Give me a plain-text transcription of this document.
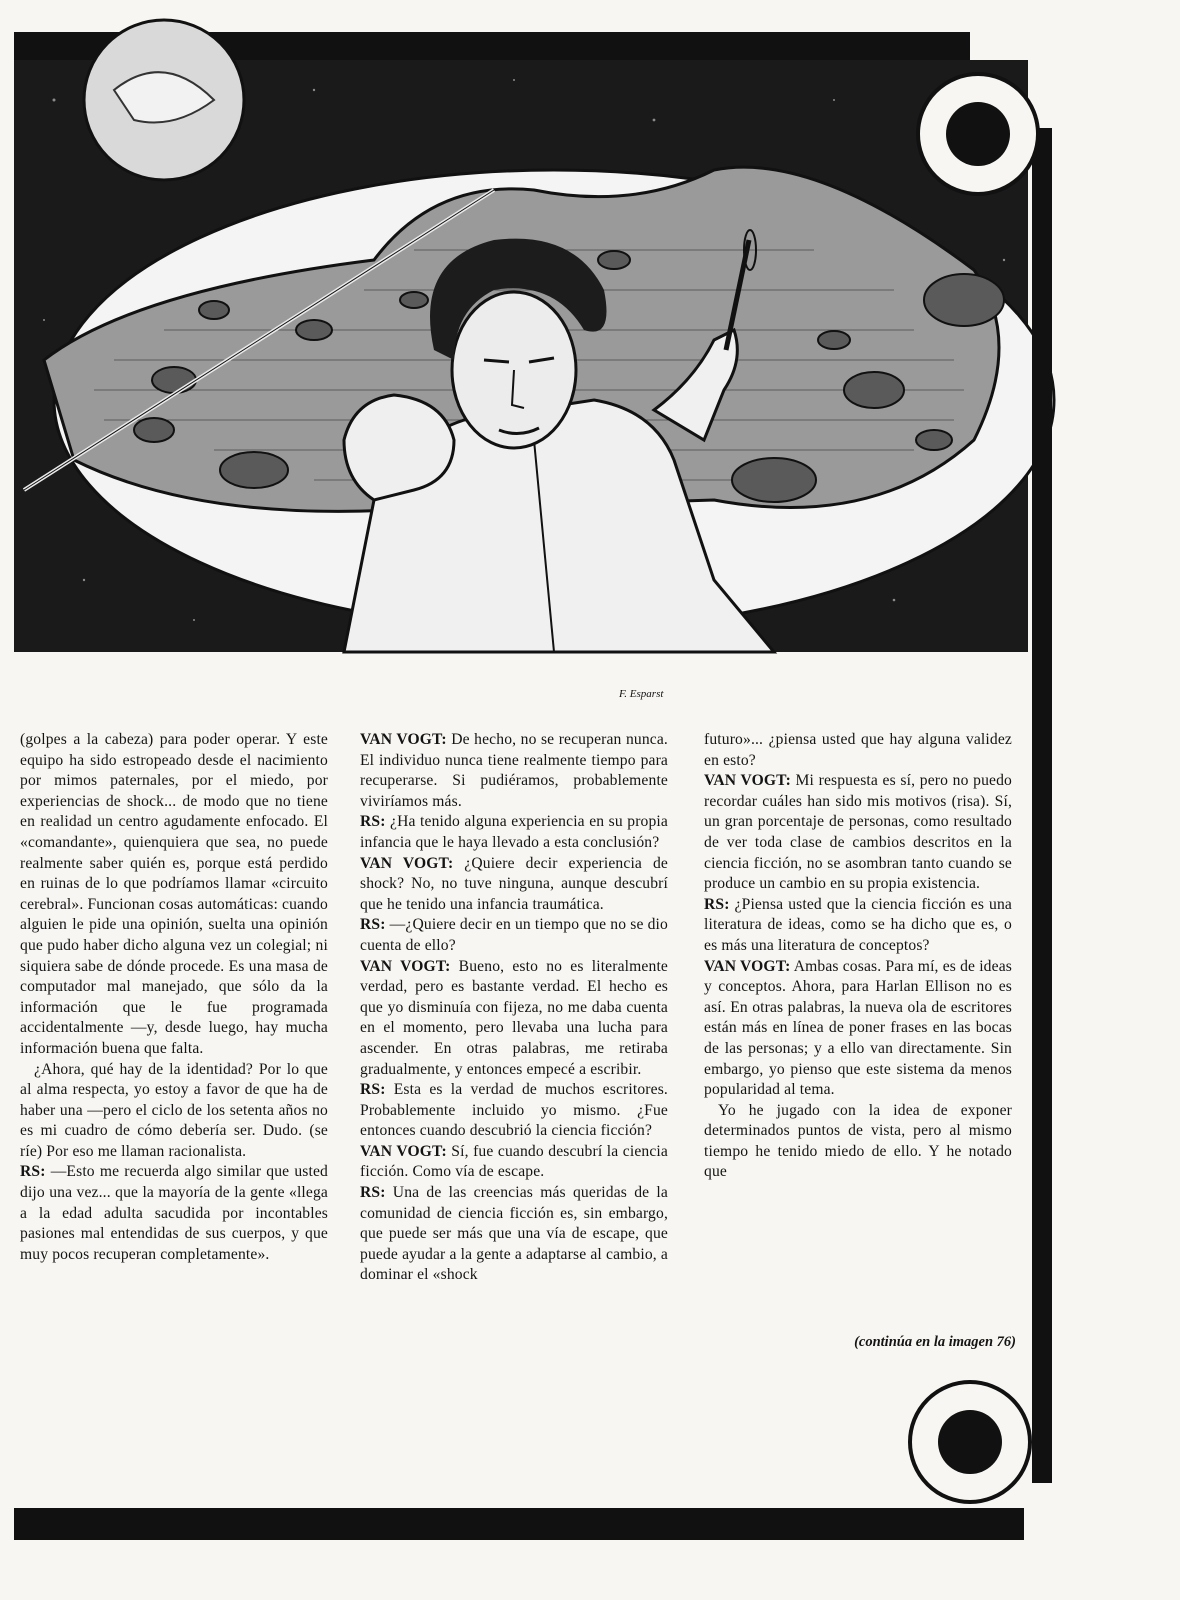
F. Esparst

(golpes a la cabeza) para poder operar. Y este equipo ha sido estropeado desde el nacimiento por mimos paternales, por el miedo, por experiencias de shock... de modo que no tiene en realidad un centro agudamente enfocado. El «comandante», quienquiera que sea, no puede realmente saber quién es, porque está perdido en ruinas de lo que podríamos llamar «circuito cerebral». Funcionan cosas automáticas: cuando alguien le pide una opinión, suelta una opinión que pudo haber dicho alguna vez un colegial; ni siquiera sabe de dónde procede. Es una masa de computador mal manejado, que sólo da la información que le fue programada accidentalmente —y, desde luego, hay mucha información buena que falta.

¿Ahora, qué hay de la identidad? Por lo que al alma respecta, yo estoy a favor de que ha de haber una —pero el ciclo de los setenta años no es mi cuadro de cómo debería ser. Dudo. (se ríe) Por eso me llaman racionalista.

RS: —Esto me recuerda algo similar que usted dijo una vez... que la mayoría de la gente «llega a la edad adulta sacudida por incontables pasiones mal entendidas de sus cuerpos, y que muy pocos recuperan completamente».

VAN VOGT: De hecho, no se recuperan nunca. El individuo nunca tiene realmente tiempo para recuperarse. Si pudiéramos, probablemente viviríamos más.

RS: ¿Ha tenido alguna experiencia en su propia infancia que le haya llevado a esta conclusión?

VAN VOGT: ¿Quiere decir experiencia de shock? No, no tuve ninguna, aunque descubrí que he tenido una infancia traumática.

RS: —¿Quiere decir en un tiempo que no se dio cuenta de ello?

VAN VOGT: Bueno, esto no es literalmente verdad, pero es bastante verdad. El hecho es que yo disminuía con fijeza, no me daba cuenta en el momento, pero llevaba una lucha para ascender. En otras palabras, me retiraba gradualmente, y entonces empecé a escribir.

RS: Esta es la verdad de muchos escritores. Probablemente incluido yo mismo. ¿Fue entonces cuando descubrió la ciencia ficción?

VAN VOGT: Sí, fue cuando descubrí la ciencia ficción. Como vía de escape.

RS: Una de las creencias más queridas de la comunidad de ciencia ficción es, sin embargo, que puede ser más que una vía de escape, que puede ayudar a la gente a adaptarse al cambio, a dominar el «shock

futuro»... ¿piensa usted que hay alguna validez en esto?

VAN VOGT: Mi respuesta es sí, pero no puedo recordar cuáles han sido mis motivos (risa). Sí, un gran porcentaje de personas, como resultado de ver toda clase de cambios descritos en la ciencia ficción, no se asombran tanto cuando se produce un cambio en su propia existencia.

RS: ¿Piensa usted que la ciencia ficción es una literatura de ideas, como se ha dicho que es, o es más una literatura de conceptos?

VAN VOGT: Ambas cosas. Para mí, es de ideas y conceptos. Ahora, para Harlan Ellison no es así. En otras palabras, la nueva ola de escritores están más en línea de poner frases en las bocas de las personas; y a ello van directamente. Sin embargo, yo pienso que este sistema da menos popularidad al tema.

Yo he jugado con la idea de exponer determinados puntos de vista, pero al mismo tiempo he tenido miedo de ello. Y he notado que

(continúa en la imagen 76)
